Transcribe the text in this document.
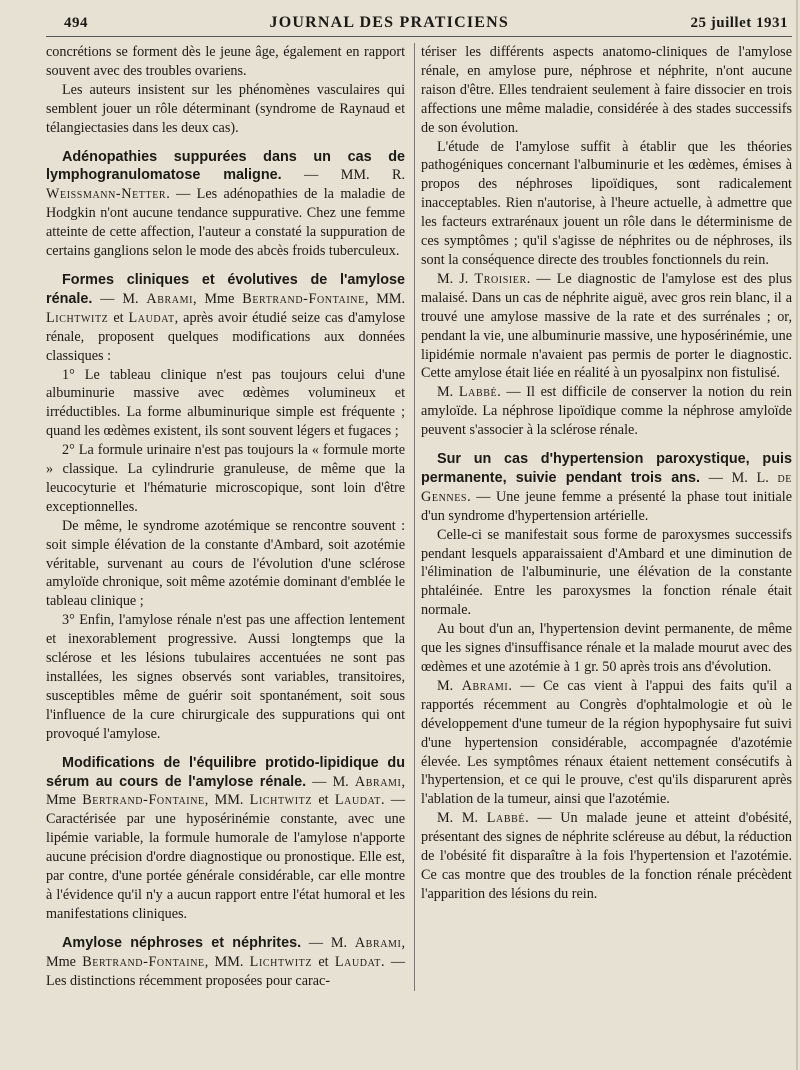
494	JOURNAL DES PRATICIENS	25 juillet 1931

concrétions se forment dès le jeune âge, également en rapport souvent avec des troubles ovariens.

Les auteurs insistent sur les phénomènes vasculaires qui semblent jouer un rôle déterminant (syndrome de Raynaud et télangiectasies dans les deux cas).

Adénopathies suppurées dans un cas de lymphogranulomatose maligne. — MM. R. Weissmann-Netter. — Les adénopathies de la maladie de Hodgkin n'ont aucune tendance suppurative. Chez une femme atteinte de cette affection, l'auteur a constaté la suppuration de certains ganglions selon le mode des abcès froids tuberculeux.

Formes cliniques et évolutives de l'amylose rénale. — M. Abrami, Mme Bertrand-Fontaine, MM. Lichtwitz et Laudat, après avoir étudié seize cas d'amylose rénale, proposent quelques modifications aux données classiques :

1° Le tableau clinique n'est pas toujours celui d'une albuminurie massive avec œdèmes volumineux et irréductibles. La forme albuminurique simple est fréquente ; quand les œdèmes existent, ils sont souvent légers et fugaces ;

2° La formule urinaire n'est pas toujours la « formule morte » classique. La cylindrurie granuleuse, de même que la leucocyturie et l'hématurie microscopique, sont loin d'être exceptionnelles.

De même, le syndrome azotémique se rencontre souvent : soit simple élévation de la constante d'Ambard, soit azotémie véritable, survenant au cours de l'évolution d'une sclérose amyloïde chronique, soit même azotémie dominant d'emblée le tableau clinique ;

3° Enfin, l'amylose rénale n'est pas une affection lentement et inexorablement progressive. Aussi longtemps que la sclérose et les lésions tubulaires accentuées ne sont pas installées, les signes observés sont variables, transitoires, susceptibles même de guérir soit spontanément, soit sous l'influence de la cure chirurgicale des suppurations qui ont provoqué l'amylose.

Modifications de l'équilibre protido-lipidique du sérum au cours de l'amylose rénale. — M. Abrami, Mme Bertrand-Fontaine, MM. Lichtwitz et Laudat. — Caractérisée par une hyposérinémie constante, avec une lipémie variable, la formule humorale de l'amylose n'apporte aucune précision d'ordre diagnostique ou pronostique. Elle est, par contre, d'une portée générale considérable, car elle montre à l'évidence qu'il n'y a aucun rapport entre l'état humoral et les manifestations cliniques.

Amylose néphroses et néphrites. — M. Abrami, Mme Bertrand-Fontaine, MM. Lichtwitz et Laudat. — Les distinctions récemment proposées pour carac-

tériser les différents aspects anatomo-cliniques de l'amylose rénale, en amylose pure, néphrose et néphrite, n'ont aucune raison d'être. Elles tendraient seulement à faire dissocier en trois affections une même maladie, considérée à des stades successifs de son évolution.

L'étude de l'amylose suffit à établir que les théories pathogéniques concernant l'albuminurie et les œdèmes, émises à propos des néphroses lipoïdiques, sont radicalement inacceptables. Rien n'autorise, à l'heure actuelle, à admettre que les facteurs extrarénaux jouent un rôle dans le déterminisme de ces symptômes ; qu'il s'agisse de néphrites ou de néphroses, ils sont la conséquence directe des troubles fonctionnels du rein.

M. J. Troisier. — Le diagnostic de l'amylose est des plus malaisé. Dans un cas de néphrite aiguë, avec gros rein blanc, il a trouvé une amylose massive de la rate et des surrénales ; or, pendant la vie, une albuminurie massive, une hyposérinémie, une lipidémie normale n'avaient pas permis de porter le diagnostic. Cette amylose était liée en réalité à un pyosalpinx non fistulisé.

M. Labbé. — Il est difficile de conserver la notion du rein amyloïde. La néphrose lipoïdique comme la néphrose amyloïde peuvent s'associer à la sclérose rénale.

Sur un cas d'hypertension paroxystique, puis permanente, suivie pendant trois ans. — M. L. de Gennes. — Une jeune femme a présenté la phase tout initiale d'un syndrome d'hypertension artérielle.

Celle-ci se manifestait sous forme de paroxysmes successifs pendant lesquels apparaissaient d'Ambard et une diminution de l'élimination de l'albuminurie, une élévation de la constante phtaléinée. Entre les paroxysmes la fonction rénale était normale.

Au bout d'un an, l'hypertension devint permanente, de même que les signes d'insuffisance rénale et la malade mourut avec des œdèmes et une azotémie à 1 gr. 50 après trois ans d'évolution.

M. Abrami. — Ce cas vient à l'appui des faits qu'il a rapportés récemment au Congrès d'ophtalmologie et où le développement d'une tumeur de la région hypophysaire fut suivi d'une hypertension considérable, accompagnée d'azotémie élevée. Les symptômes rénaux étaient nettement consécutifs à l'hypertension, et ce qui le prouve, c'est qu'ils disparurent après l'ablation de la tumeur, ainsi que l'azotémie.

M. M. Labbé. — Un malade jeune et atteint d'obésité, présentant des signes de néphrite scléreuse au début, la réduction de l'obésité fit disparaître à la fois l'hypertension et l'azotémie. Ce cas montre que des troubles de la fonction rénale précèdent l'apparition des lésions du rein.
